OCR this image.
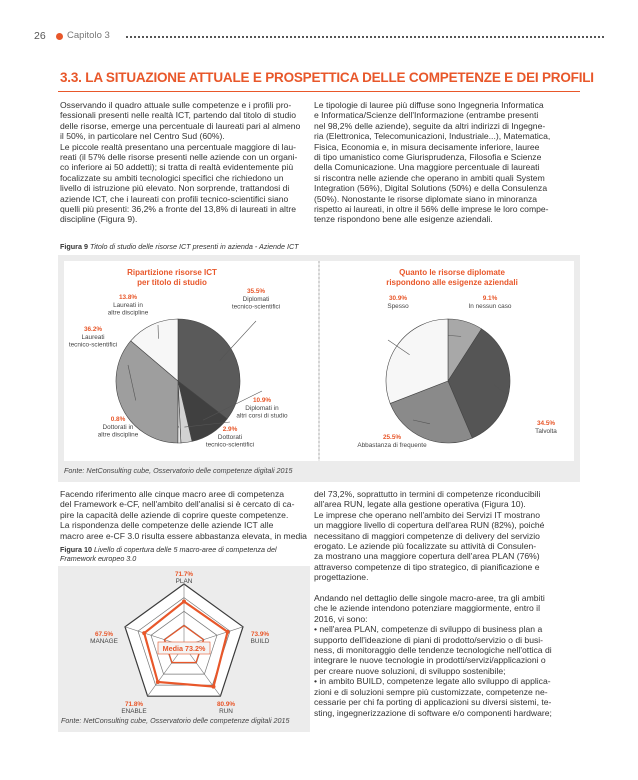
26 Capitolo 3
3.3. LA SITUAZIONE ATTUALE E PROSPETTICA DELLE COMPETENZE E DEI PROFILI

Osservando il quadro attuale sulle competenze e i profili pro-

fessionali presenti nelle realtà ICT, partendo dal titolo di studio

delle risorse, emerge una percentuale di laureati pari al almeno

il 50%, in particolare nel Centro Sud (60%).

Le piccole realtà presentano una percentuale maggiore di lau-

reati (il 57% delle risorse presenti nelle aziende con un organi-

co inferiore ai 50 addetti); si tratta di realtà evidentemente più

focalizzate su ambiti tecnologici specifici che richiedono un

livello di istruzione più elevato. Non sorprende, trattandosi di

aziende ICT, che i laureati con profili tecnico-scientifici siano

quelli più presenti: 36,2% a fronte del 13,8% di laureati in altre

discipline (Figura 9).

Le tipologie di lauree più diffuse sono Ingegneria Informatica

e Informatica/Scienze dell'Informazione (entrambe presenti

nel 98,2% delle aziende), seguite da altri indirizzi di Ingegne-

ria (Elettronica, Telecomunicazioni, Industriale...), Matematica,

Fisica, Economia e, in misura decisamente inferiore, lauree

di tipo umanistico come Giurisprudenza, Filosofia e Scienze

della Comunicazione. Una maggiore percentuale di laureati

si riscontra nelle aziende che operano in ambiti quali System

Integration (56%), Digital Solutions (50%) e della Consulenza

(50%). Nonostante le risorse diplomate siano in minoranza

rispetto ai laureati, in oltre il 56% delle imprese le loro compe-

tenze rispondono bene alle esigenze aziendali.

Figura 9 Titolo di studio delle risorse ICT presenti in azienda - Aziende ICT
Ripartizione risorse ICT
per titolo di studio
Quanto le risorse diplomate
rispondono alle esigenze aziendali
35.5%
Diplomati
tecnico-scientifici
10.9%
Diplomati in
altri corsi di studio
2.9%
Dottorati
tecnico-scientifici
0.8%
Dottorati in
altre discipline
36.2%
Laureati
tecnico-scientifici
13.8%
Laureati in
altre discipline
9.1%
In nessun caso
34.5%
Talvolta
25.5%
Abbastanza di frequente
30.9%
Spesso
Fonte: NetConsulting cube, Osservatorio delle competenze digitali 2015

Facendo riferimento alle cinque macro aree di competenza

del Framework e-CF, nell'ambito dell'analisi si è cercato di ca-

pire la capacità delle aziende di coprire queste competenze.

La rispondenza delle competenze delle aziende ICT alle

macro aree e-CF 3.0 risulta essere abbastanza elevata, in media

Figura 10 Livello di copertura delle 5 macro-aree di competenza del
Framework europeo 3.0
Media 73.2%
71.7%
PLAN
73.9%
BUILD
80.9%
RUN
71.8%
ENABLE
67.5%
MANAGE
Fonte: NetConsulting cube, Osservatorio delle competenze digitali 2015

del 73,2%, soprattutto in termini di competenze riconducibili

all'area RUN, legate alla gestione operativa (Figura 10).

Le imprese che operano nell'ambito dei Servizi IT mostrano

un maggiore livello di copertura dell'area RUN (82%), poiché

necessitano di maggiori competenze di delivery del servizio

erogato. Le aziende più focalizzate su attività di Consulen-

za mostrano una maggiore copertura dell'area PLAN (76%)

attraverso competenze di tipo strategico, di pianificazione e

progettazione.

Andando nel dettaglio delle singole macro-aree, tra gli ambiti

che le aziende intendono potenziare maggiormente, entro il

2016, vi sono:

• nell'area PLAN, competenze di sviluppo di business plan a

supporto dell'ideazione di piani di prodotto/servizio o di busi-

ness, di monitoraggio delle tendenze tecnologiche nell'ottica di

integrare le nuove tecnologie in prodotti/servizi/applicazioni o

per creare nuove soluzioni, di sviluppo sostenibile;

• in ambito BUILD, competenze legate allo sviluppo di applica-

zioni e di soluzioni sempre più customizzate, competenze ne-

cessarie per chi fa porting di applicazioni su diversi sistemi, te-

sting, ingegnerizzazione di software e/o componenti hardware;
